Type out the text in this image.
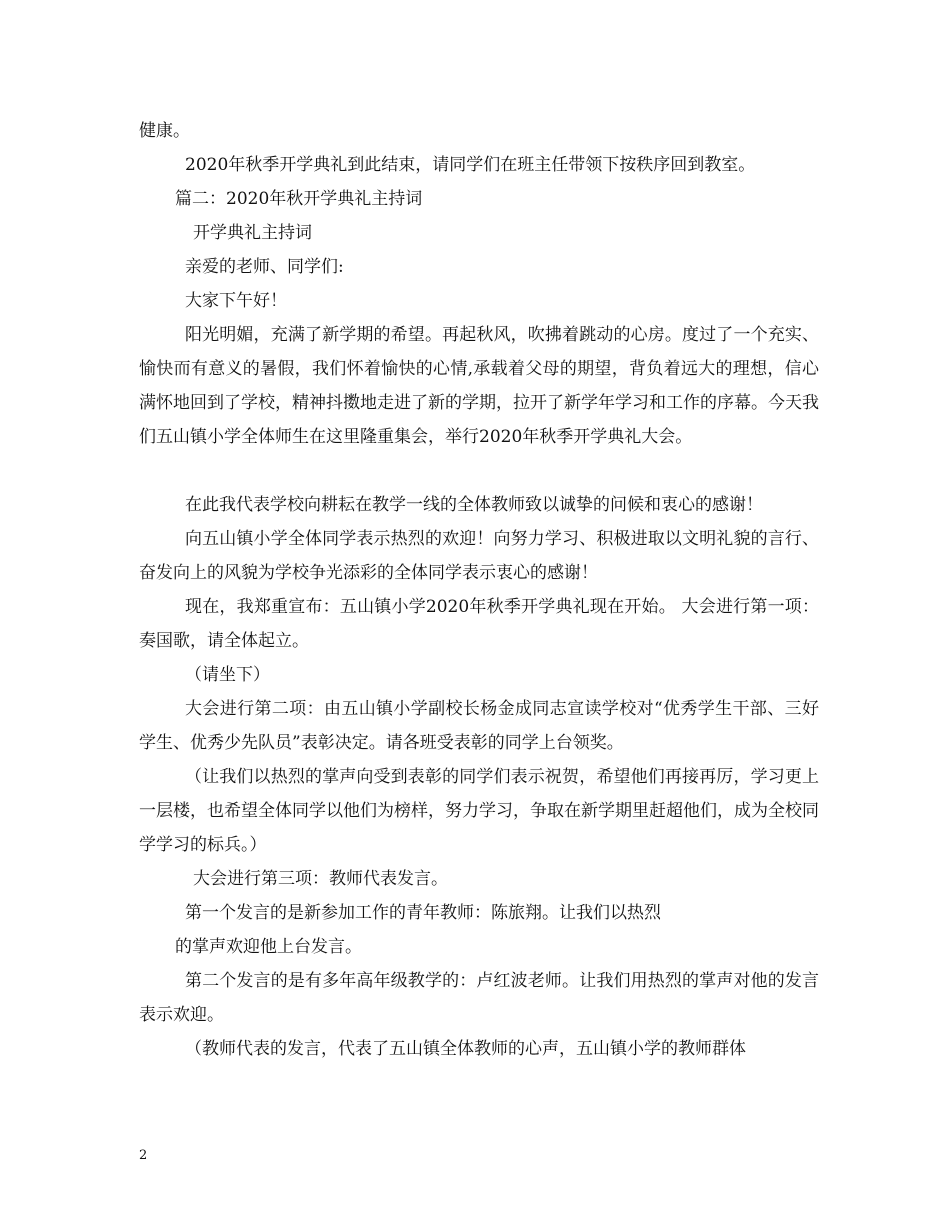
健康。

2020年秋季开学典礼到此结束，请同学们在班主任带领下按秩序回到教室。

篇二：2020年秋开学典礼主持词

开学典礼主持词

亲爱的老师、同学们:

大家下午好！

阳光明媚，充满了新学期的希望。再起秋风，吹拂着跳动的心房。度过了一个充实、愉快而有意义的暑假，我们怀着愉快的心情,承载着父母的期望，背负着远大的理想，信心满怀地回到了学校，精神抖擞地走进了新的学期，拉开了新学年学习和工作的序幕。今天我们五山镇小学全体师生在这里隆重集会，举行2020年秋季开学典礼大会。

在此我代表学校向耕耘在教学一线的全体教师致以诚挚的问候和衷心的感谢！

向五山镇小学全体同学表示热烈的欢迎！向努力学习、积极进取以文明礼貌的言行、奋发向上的风貌为学校争光添彩的全体同学表示衷心的感谢！

现在，我郑重宣布：五山镇小学2020年秋季开学典礼现在开始。 大会进行第一项：奏国歌，请全体起立。

（请坐下）

大会进行第二项：由五山镇小学副校长杨金成同志宣读学校对“优秀学生干部、三好学生、优秀少先队员”表彰决定。请各班受表彰的同学上台领奖。

（让我们以热烈的掌声向受到表彰的同学们表示祝贺，希望他们再接再厉，学习更上一层楼，也希望全体同学以他们为榜样，努力学习，争取在新学期里赶超他们，成为全校同学学习的标兵。）

大会进行第三项：教师代表发言。

第一个发言的是新参加工作的青年教师：陈旅翔。让我们以热烈

的掌声欢迎他上台发言。

第二个发言的是有多年高年级教学的：卢红波老师。让我们用热烈的掌声对他的发言表示欢迎。

（教师代表的发言，代表了五山镇全体教师的心声，五山镇小学的教师群体

2
